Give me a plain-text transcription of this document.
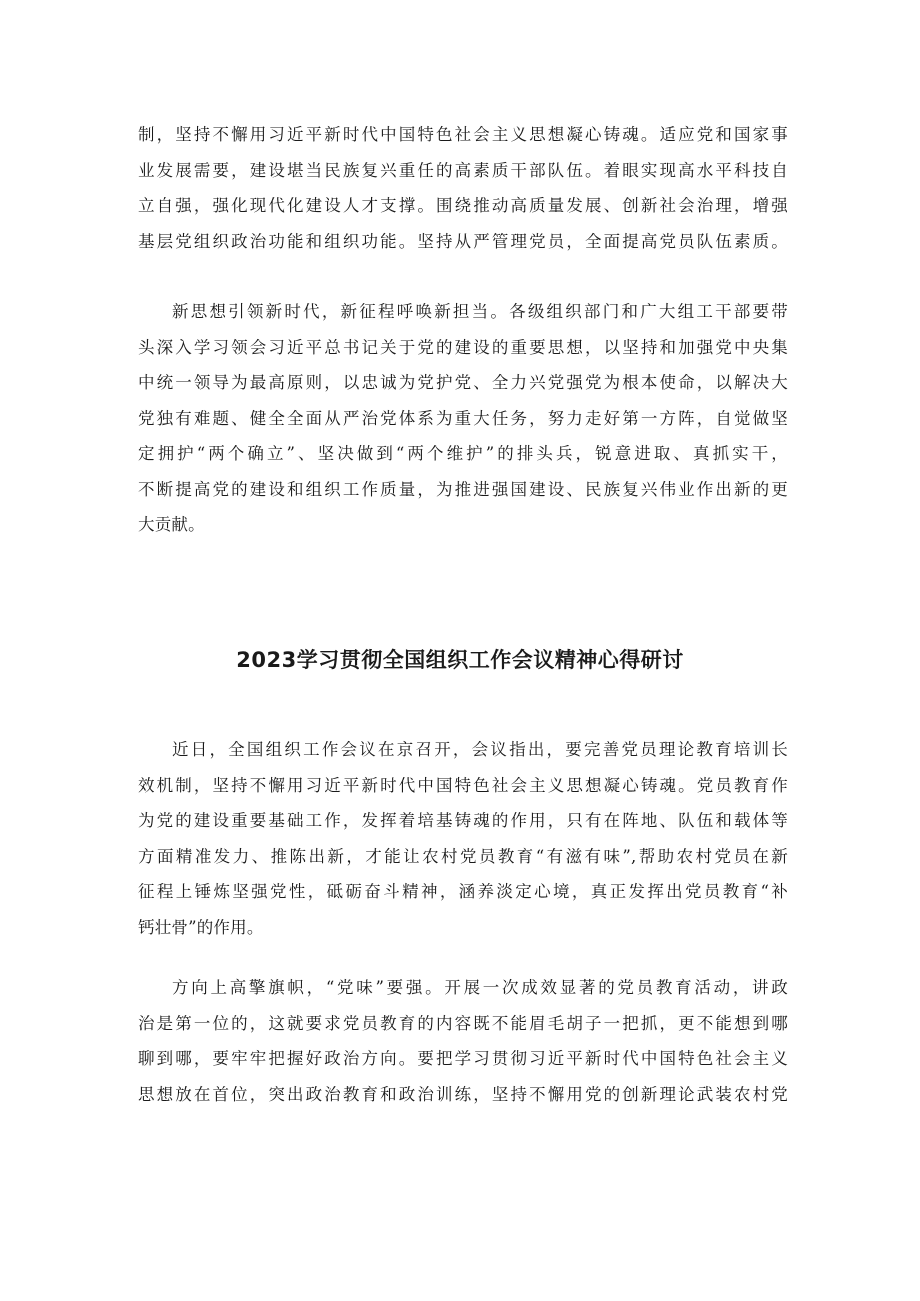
制，坚持不懈用习近平新时代中国特色社会主义思想凝心铸魂。适应党和国家事
业发展需要，建设堪当民族复兴重任的高素质干部队伍。着眼实现高水平科技自
立自强，强化现代化建设人才支撑。围绕推动高质量发展、创新社会治理，增强
基层党组织政治功能和组织功能。坚持从严管理党员，全面提高党员队伍素质。
新思想引领新时代，新征程呼唤新担当。各级组织部门和广大组工干部要带
头深入学习领会习近平总书记关于党的建设的重要思想，以坚持和加强党中央集
中统一领导为最高原则，以忠诚为党护党、全力兴党强党为根本使命，以解决大
党独有难题、健全全面从严治党体系为重大任务，努力走好第一方阵，自觉做坚
定拥护“两个确立”、坚决做到“两个维护”的排头兵，锐意进取、真抓实干，
不断提高党的建设和组织工作质量，为推进强国建设、民族复兴伟业作出新的更
大贡献。
2023学习贯彻全国组织工作会议精神心得研讨
近日，全国组织工作会议在京召开，会议指出，要完善党员理论教育培训长
效机制，坚持不懈用习近平新时代中国特色社会主义思想凝心铸魂。党员教育作
为党的建设重要基础工作，发挥着培基铸魂的作用，只有在阵地、队伍和载体等
方面精准发力、推陈出新，才能让农村党员教育“有滋有味”,帮助农村党员在新
征程上锤炼坚强党性，砥砺奋斗精神，涵养淡定心境，真正发挥出党员教育“补
钙壮骨”的作用。
方向上高擎旗帜，“党味”要强。开展一次成效显著的党员教育活动，讲政
治是第一位的，这就要求党员教育的内容既不能眉毛胡子一把抓，更不能想到哪
聊到哪，要牢牢把握好政治方向。要把学习贯彻习近平新时代中国特色社会主义
思想放在首位，突出政治教育和政治训练，坚持不懈用党的创新理论武装农村党
